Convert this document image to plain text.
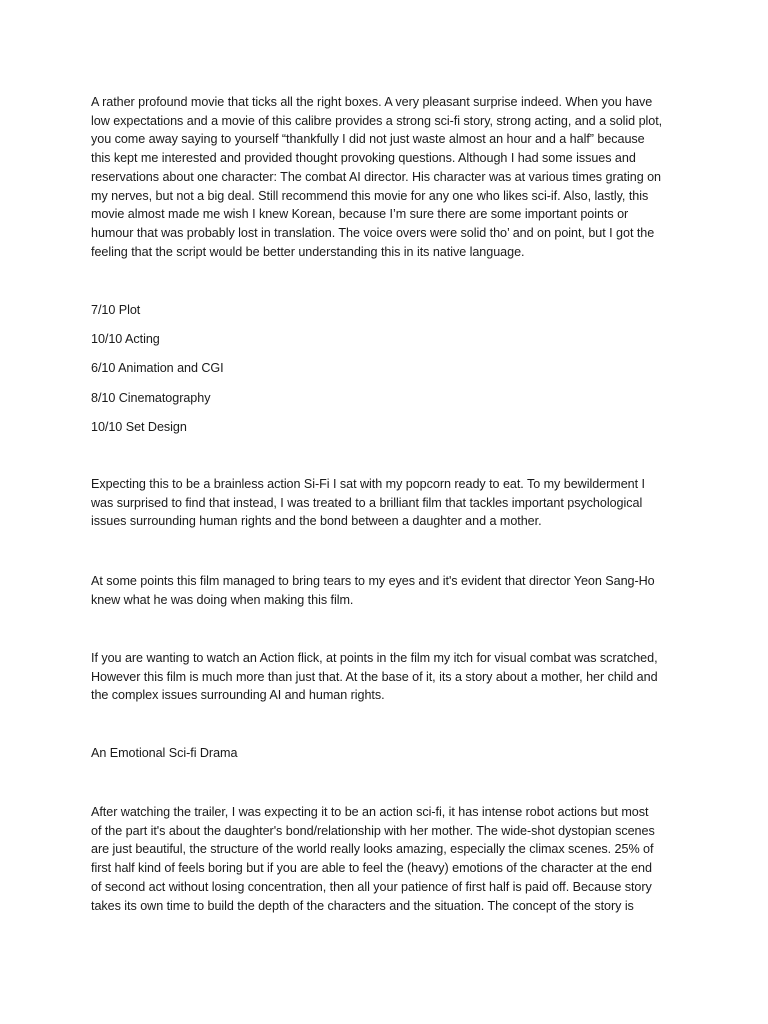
A rather profound movie that ticks all the right boxes. A very pleasant surprise indeed. When you have
low expectations and a movie of this calibre provides a strong sci-fi story, strong acting, and a solid plot,
you come away saying to yourself “thankfully I did not just waste almost an hour and a half” because
this kept me interested and provided thought provoking questions. Although I had some issues and
reservations about one character: The combat AI director. His character was at various times grating on
my nerves, but not a big deal. Still recommend this movie for any one who likes sci-if. Also, lastly, this
movie almost made me wish I knew Korean, because I’m sure there are some important points or
humour that was probably lost in translation. The voice overs were solid tho’ and on point, but I got the
feeling that the script would be better understanding this in its native language.
7/10 Plot
10/10 Acting
6/10 Animation and CGI
8/10 Cinematography
10/10 Set Design
Expecting this to be a brainless action Si-Fi I sat with my popcorn ready to eat. To my bewilderment I
was surprised to find that instead, I was treated to a brilliant film that tackles important psychological
issues surrounding human rights and the bond between a daughter and a mother.
At some points this film managed to bring tears to my eyes and it's evident that director Yeon Sang-Ho
knew what he was doing when making this film.
If you are wanting to watch an Action flick, at points in the film my itch for visual combat was scratched,
However this film is much more than just that. At the base of it, its a story about a mother, her child and
the complex issues surrounding AI and human rights.
An Emotional Sci-fi Drama
After watching the trailer, I was expecting it to be an action sci-fi, it has intense robot actions but most
of the part it's about the daughter's bond/relationship with her mother. The wide-shot dystopian scenes
are just beautiful, the structure of the world really looks amazing, especially the climax scenes. 25% of
first half kind of feels boring but if you are able to feel the (heavy) emotions of the character at the end
of second act without losing concentration, then all your patience of first half is paid off. Because story
takes its own time to build the depth of the characters and the situation. The concept of the story is
